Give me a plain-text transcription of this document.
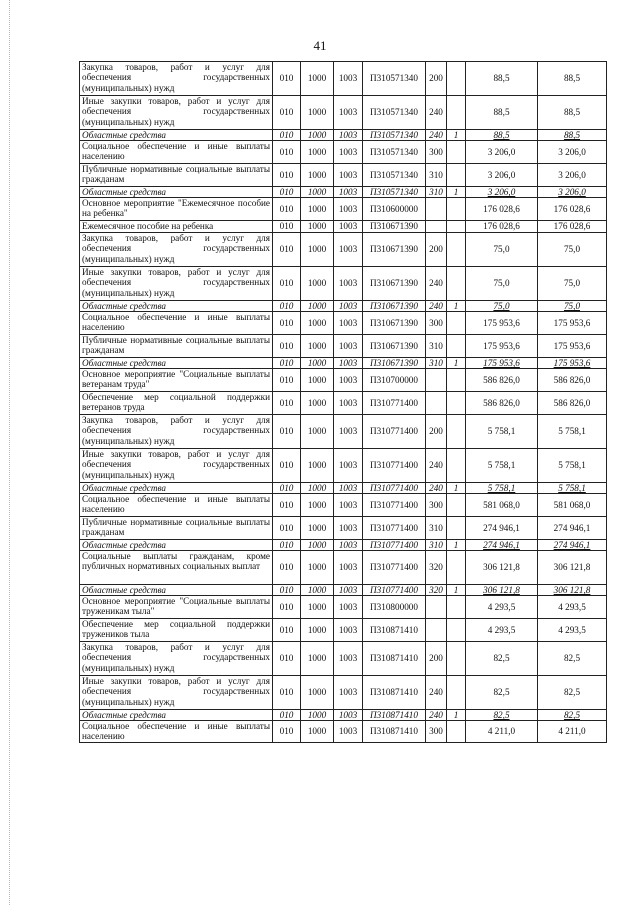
41
Закупка товаров, работ и услуг для обеспечения государственных (муниципальных) нужд	010	1000	1003	П310571340	200		88,5	88,5
Иные закупки товаров, работ и услуг для обеспечения государственных (муниципальных) нужд	010	1000	1003	П310571340	240		88,5	88,5
Областные средства	010	1000	1003	П310571340	240	1	88,5	88,5
Социальное обеспечение и иные выплаты населению	010	1000	1003	П310571340	300		3 206,0	3 206,0
Публичные нормативные социальные выплаты гражданам	010	1000	1003	П310571340	310		3 206,0	3 206,0
Областные средства	010	1000	1003	П310571340	310	1	3 206,0	3 206,0
Основное мероприятие "Ежемесячное пособие на ребенка"	010	1000	1003	П310600000			176 028,6	176 028,6
Ежемесячное пособие на ребенка	010	1000	1003	П310671390			176 028,6	176 028,6
Закупка товаров, работ и услуг для обеспечения государственных (муниципальных) нужд	010	1000	1003	П310671390	200		75,0	75,0
Иные закупки товаров, работ и услуг для обеспечения государственных (муниципальных) нужд	010	1000	1003	П310671390	240		75,0	75,0
Областные средства	010	1000	1003	П310671390	240	1	75,0	75,0
Социальное обеспечение и иные выплаты населению	010	1000	1003	П310671390	300		175 953,6	175 953,6
Публичные нормативные социальные выплаты гражданам	010	1000	1003	П310671390	310		175 953,6	175 953,6
Областные средства	010	1000	1003	П310671390	310	1	175 953,6	175 953,6
Основное мероприятие "Социальные выплаты ветеранам труда"	010	1000	1003	П310700000			586 826,0	586 826,0
Обеспечение мер социальной поддержки ветеранов труда	010	1000	1003	П310771400			586 826,0	586 826,0
Закупка товаров, работ и услуг для обеспечения государственных (муниципальных) нужд	010	1000	1003	П310771400	200		5 758,1	5 758,1
Иные закупки товаров, работ и услуг для обеспечения государственных (муниципальных) нужд	010	1000	1003	П310771400	240		5 758,1	5 758,1
Областные средства	010	1000	1003	П310771400	240	1	5 758,1	5 758,1
Социальное обеспечение и иные выплаты населению	010	1000	1003	П310771400	300		581 068,0	581 068,0
Публичные нормативные социальные выплаты гражданам	010	1000	1003	П310771400	310		274 946,1	274 946,1
Областные средства	010	1000	1003	П310771400	310	1	274 946,1	274 946,1
Социальные выплаты гражданам, кроме публичных нормативных социальных выплат	010	1000	1003	П310771400	320		306 121,8	306 121,8
Областные средства	010	1000	1003	П310771400	320	1	306 121,8	306 121,8
Основное мероприятие "Социальные выплаты труженикам тыла"	010	1000	1003	П310800000			4 293,5	4 293,5
Обеспечение мер социальной поддержки тружеников тыла	010	1000	1003	П310871410			4 293,5	4 293,5
Закупка товаров, работ и услуг для обеспечения государственных (муниципальных) нужд	010	1000	1003	П310871410	200		82,5	82,5
Иные закупки товаров, работ и услуг для обеспечения государственных (муниципальных) нужд	010	1000	1003	П310871410	240		82,5	82,5
Областные средства	010	1000	1003	П310871410	240	1	82,5	82,5
Социальное обеспечение и иные выплаты населению	010	1000	1003	П310871410	300		4 211,0	4 211,0
